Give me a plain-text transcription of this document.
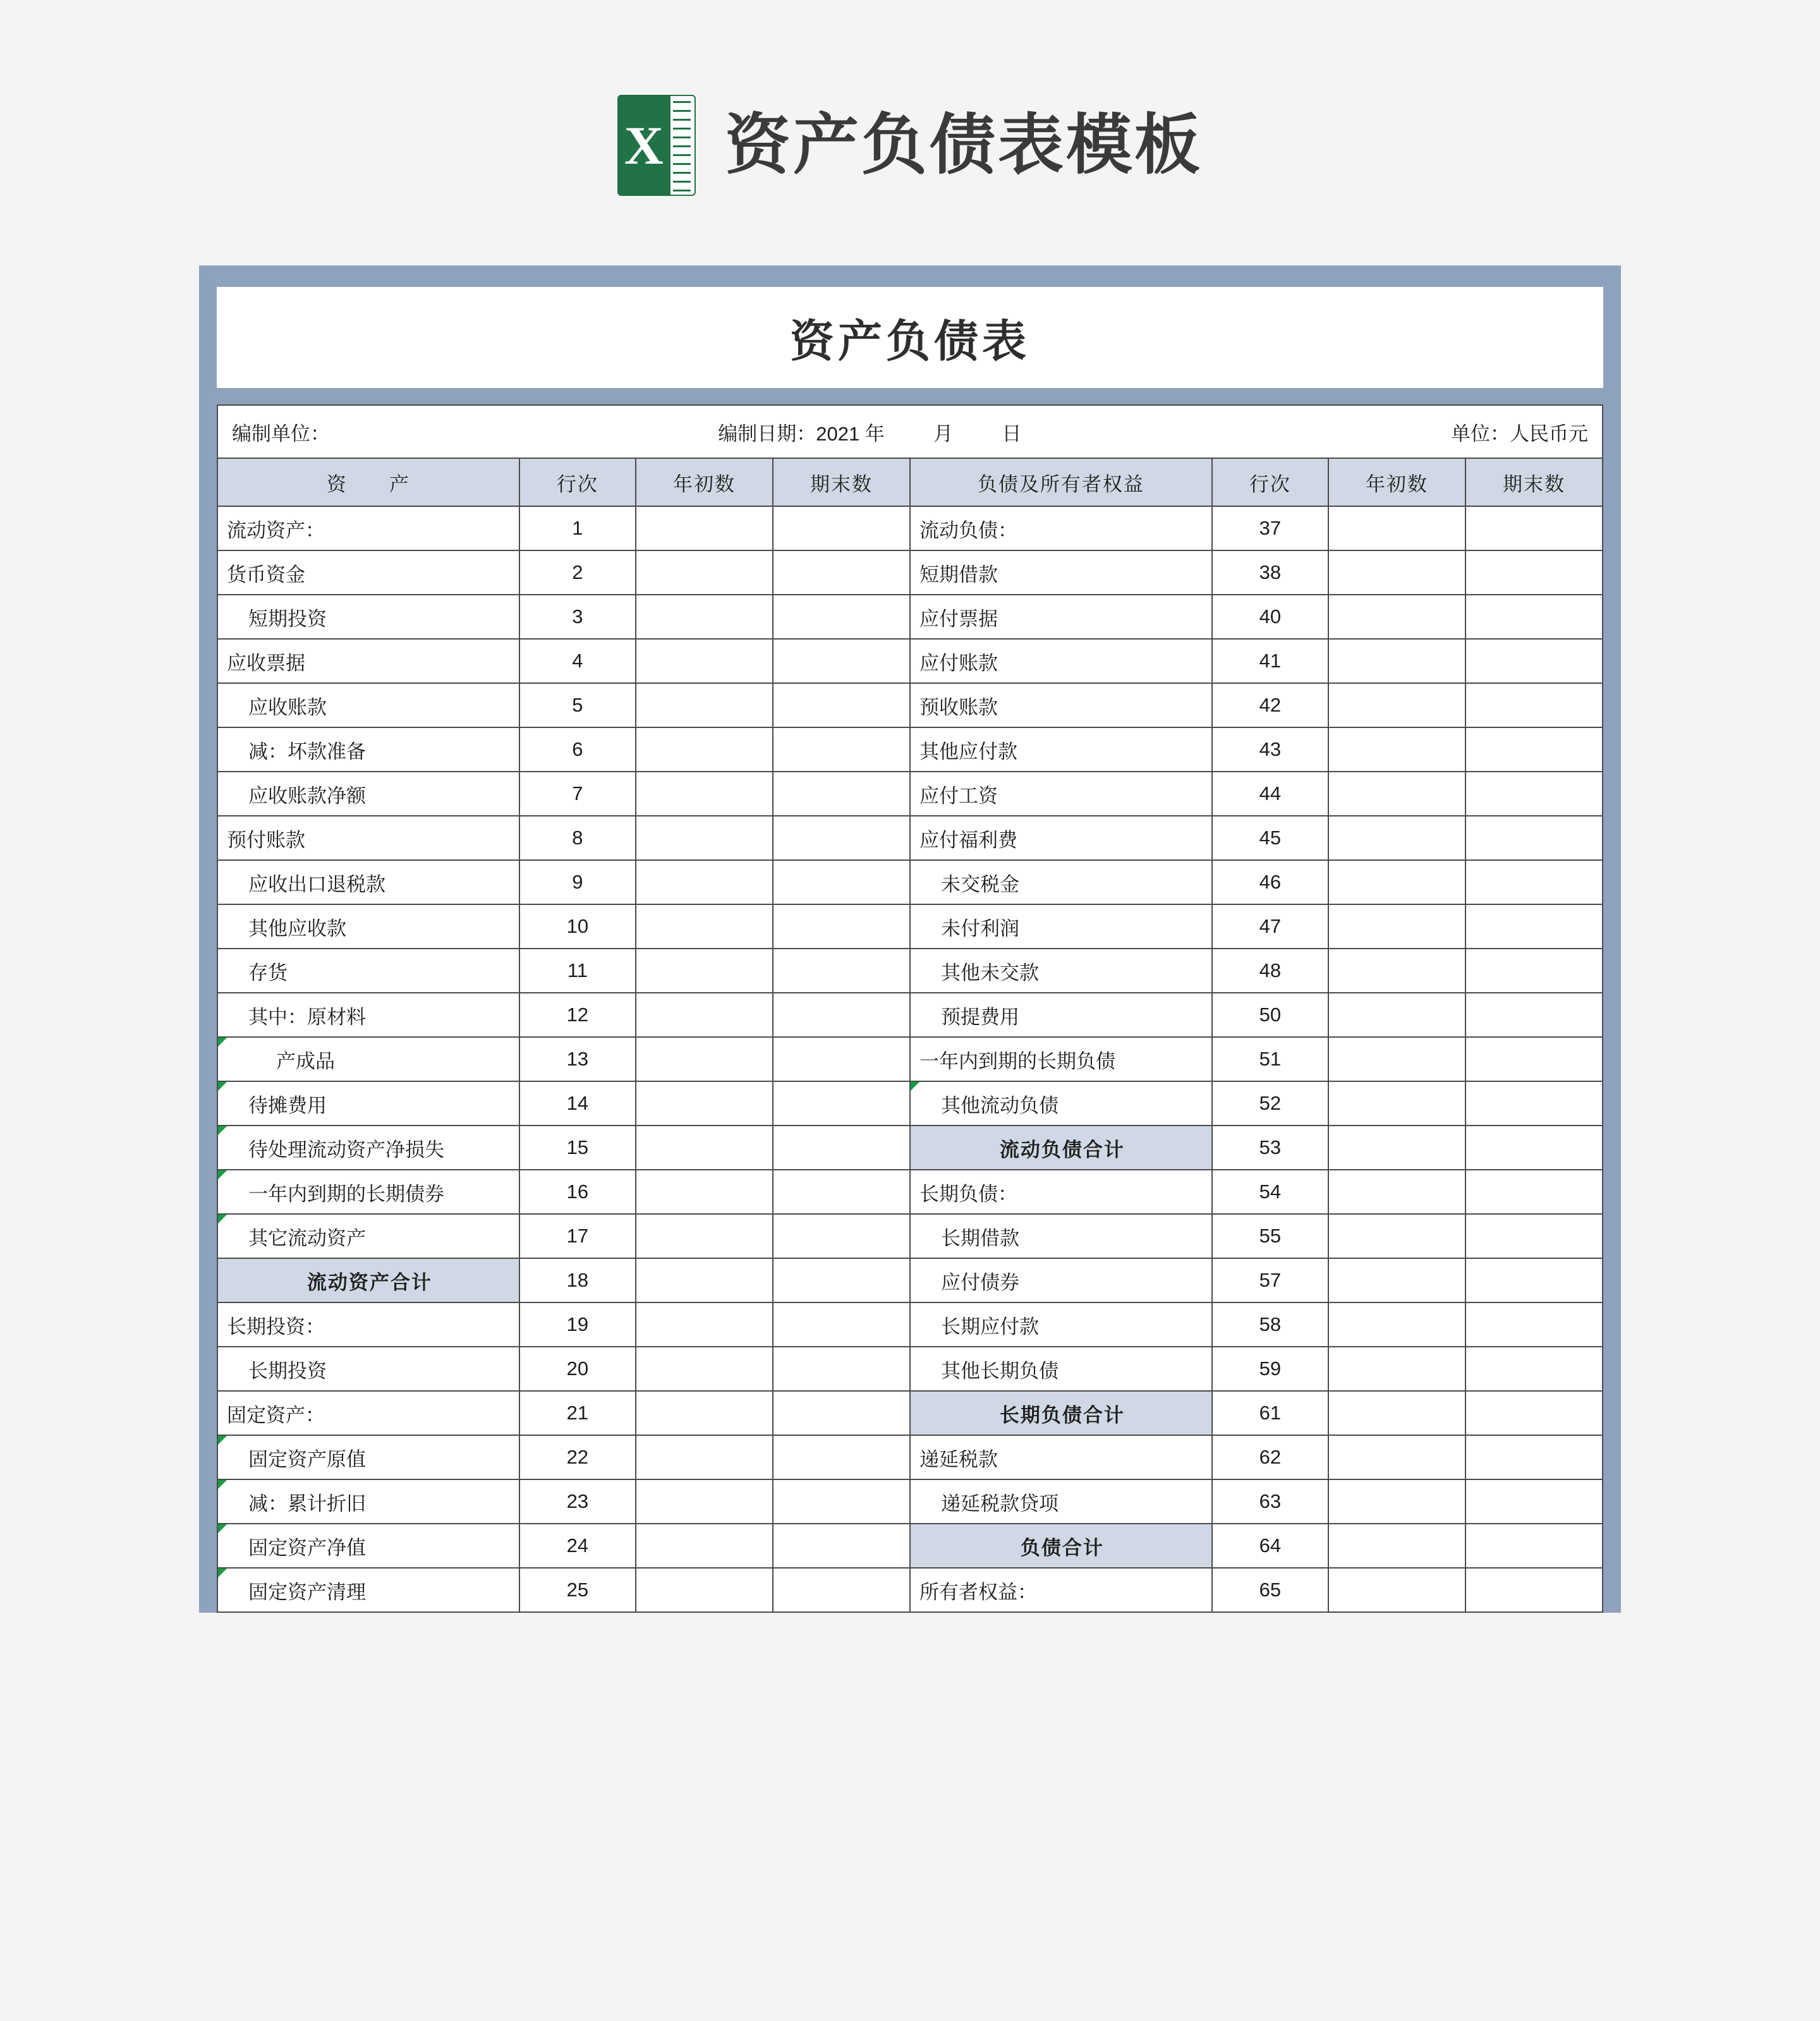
X 资产负债表模板
资产负债表
编制单位：	编制日期：2021 年 月 日	单位：人民币元
资　　产	行次	年初数	期末数	负债及所有者权益	行次	年初数	期末数
流动资产：	1			流动负债：	37		
货币资金	2			短期借款	38		
短期投资	3			应付票据	40		
应收票据	4			应付账款	41		
应收账款	5			预收账款	42		
减：坏款准备	6			其他应付款	43		
应收账款净额	7			应付工资	44		
预付账款	8			应付福利费	45		
应收出口退税款	9			未交税金	46		
其他应收款	10			未付利润	47		
存货	11			其他未交款	48		
其中：原材料	12			预提费用	50		
产成品	13			一年内到期的长期负债	51		
待摊费用	14			其他流动负债	52		
待处理流动资产净损失	15			流动负债合计	53		
一年内到期的长期债券	16			长期负债：	54		
其它流动资产	17			长期借款	55		
流动资产合计	18			应付债券	57		
长期投资：	19			长期应付款	58		
长期投资	20			其他长期负债	59		
固定资产：	21			长期负债合计	61		
固定资产原值	22			递延税款	62		
减：累计折旧	23			递延税款贷项	63		
固定资产净值	24			负债合计	64		
固定资产清理	25			所有者权益：	65		
